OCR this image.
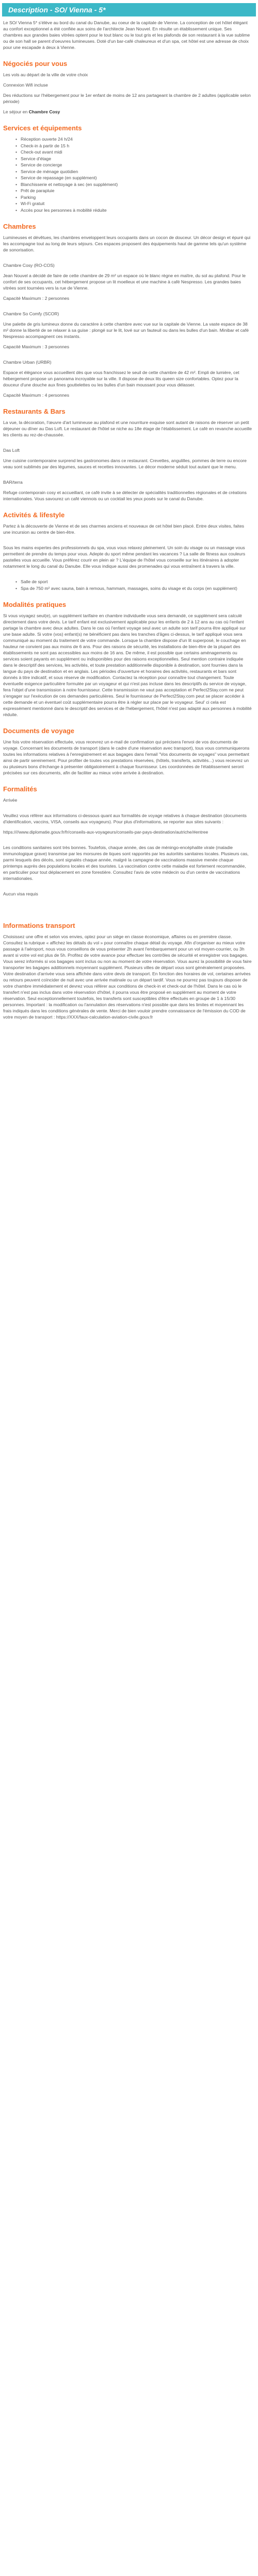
Description - SO/ Vienna - 5*

Le SO/ Vienna 5* s'élève au bord du canal du Danube, au coeur de la capitale de Vienne. La conception de cet hôtel élégant au confort exceptionnel a été confiée aux soins de l'architecte Jean Nouvel. En résulte un établissement unique. Ses chambres aux grandes baies vitrées optent pour le tout blanc ou le tout gris et les plafonds de son restaurant à la vue sublime ou de son hall se parent d'oeuvres lumineuses. Doté d'un bar-café chaleureux et d'un spa, cet hôtel est une adresse de choix pour une escapade à deux à Vienne.

Négociés pour vous

Les vols au départ de la ville de votre choix

Connexion Wifi incluse

Des réductions sur l'hébergement pour le 1er enfant de moins de 12 ans partageant la chambre de 2 adultes (applicable selon période)

Le séjour en Chambre Cosy

Services et équipements
• Réception ouverte 24 h/24
• Check-in à partir de 15 h
• Check-out avant midi
• Service d'étage
• Service de concierge
• Service de ménage quotidien
• Service de repassage (en supplément)
• Blanchisserie et nettoyage à sec (en supplément)
• Prêt de parapluie
• Parking
• Wi-Fi gratuit
• Accès pour les personnes à mobilité réduite
Chambres

Lumineuses et dévêtues, les chambres enveloppent leurs occupants dans un cocon de douceur. Un décor design et épuré qui les accompagne tout au long de leurs séjours. Ces espaces proposent des équipements haut de gamme tels qu'un système de sonorisation.

Chambre Cosy (RO-COS)

Jean Nouvel a décidé de faire de cette chambre de 29 m² un espace où le blanc règne en maître, du sol au plafond. Pour le confort de ses occupants, cet hébergement propose un lit moelleux et une machine à café Nespresso. Les grandes baies vitrées sont tournées vers la rue de Vienne.

Capacité Maximum : 2 personnes

Chambre So Comfy (SCOR)

Une palette de gris lumineux donne du caractère à cette chambre avec vue sur la capitale de Vienne. La vaste espace de 38 m² donne la liberté de se relaxer à sa guise : plongé sur le lit, lové sur un fauteuil ou dans les bulles d'un bain. Minibar et café Nespresso accompagnent ces instants.

Capacité Maximum : 3 personnes

Chambre Urban (URBR)

Espace et élégance vous accueillent dès que vous franchissez le seuil de cette chambre de 42 m². Empli de lumière, cet hébergement propose un panorama incroyable sur la ville. Il dispose de deux lits queen size confortables. Optez pour la douceur d'une douche aux fines gouttelettes ou les bulles d'un bain moussant pour vous délasser.

Capacité Maximum : 4 personnes

Restaurants & Bars

La vue, la décoration, l'œuvre d'art lumineuse au plafond et une nourriture exquise sont autant de raisons de réserver un petit déjeuner ou dîner au Das Loft. Le restaurant de l'hôtel se niche au 18e étage de l'établissement. Le café en revanche accueille les clients au rez-de-chaussée.

Das Loft

Une cuisine contemporaine surprend les gastronomes dans ce restaurant. Crevettes, angulilles, pommes de terre ou encore veau sont sublimés par des légumes, sauces et recettes innovantes. Le décor moderne séduit tout autant que le menu.

BAR/terra

Refuge contemporain cosy et accueillant, ce café invite à se délecter de spécialités traditionnelles régionales et de créations internationales. Vous savourez un café viennois ou un cocktail les yeux posés sur le canal du Danube.

Activités & lifestyle

Partez à la découverte de Vienne et de ses charmes anciens et nouveaux de cet hôtel bien placé. Entre deux visites, faites une incursion au centre de bien-être.

Sous les mains expertes des professionnels du spa, vous vous relaxez pleinement. Un soin du visage ou un massage vous permettent de prendre du temps pour vous. Adepte du sport même pendant les vacances ? La salle de fitness aux couleurs pastelles vous accueille. Vous préférez courir en plein air ? L'équipe de l'hôtel vous conseille sur les itinéraires à adopter notamment le long du canal du Danube. Elle vous indique aussi des promenades qui vous entraînent à travers la ville.

• Salle de sport
• Spa de 750 m² avec sauna, bain à remous, hammam, massages, soins du visage et du corps (en supplément)
Modalités pratiques

Si vous voyagez seul(e), un supplément tarifaire en chambre individuelle vous sera demandé, ce supplément sera calculé directement dans votre devis. Le tarif enfant est exclusivement applicable pour les enfants de 2 à 12 ans au cas où l'enfant partage la chambre avec deux adultes. Dans le cas où l'enfant voyage seul avec un adulte son tarif pourra être appliqué sur une base adulte. Si votre (vos) enfant(s) ne bénéficient pas dans les tranches d'âges ci-dessus, le tarif appliqué vous sera communiqué au moment du traitement de votre commande. Lorsque la chambre dispose d'un lit superposé, le couchage en hauteur ne convient pas aux moins de 6 ans. Pour des raisons de sécurité, les installations de bien-être de la plupart des établissements ne sont pas accessibles aux moins de 16 ans. De même, il est possible que certains aménagements ou services soient payants en supplément ou indisponibles pour des raisons exceptionnelles. Seul mention contraire indiquée dans le descriptif des services, les activités, et toute prestation additionnelle disponible à destination, sont fournies dans la langue du pays de destination et en anglais. Les périodes d'ouverture et horaires des activités, restaurants et bars sont donnés à titre indicatif, et sous réserve de modification. Contactez la réception pour connaître tout changement. Toute éventuelle exigence particulière formulée par un voyageur et qui n'est pas incluse dans les descriptifs du service de voyage, fera l'objet d'une transmission à notre fournisseur. Cette transmission ne vaut pas acceptation et Perfect2Stay.com ne peut s'engager sur l'exécution de ces demandes particulières. Seul le fournisseur de Perfect2Stay.com peut se placer accéder à cette demande et un éventuel coût supplémentaire pourra être à régler sur place par le voyageur. Seul' ci cela est expressément mentionné dans le descriptif des services et de l'hébergement, l'hôtel n'est pas adapté aux personnes à mobilité réduite.

Documents de voyage

Une fois votre réservation effectuée, vous recevrez un e-mail de confirmation qui précisera l'envoi de vos documents de voyage. Concernant les documents de transport (dans le cadre d'une réservation avec transport), tous vous communiquerons toutes les informations relatives à l'enregistrement et aux bagages dans l'email "Vos documents de voyages" vous permettant ainsi de partir sereinement. Pour profiter de toutes vos prestations réservées, (hôtels, transferts, activités...) vous recevrez un ou plusieurs bons d'échange à présenter obligatoirement à chaque fournisseur. Les coordonnées de l'établissement seront précisées sur ces documents, afin de faciliter au mieux votre arrivée à destination.

Formalités

Arrivée

Veuillez vous référer aux informations ci-dessous quant aux formalités de voyage relatives à chaque destination (documents d'identification, vaccins, VISA, conseils aux voyageurs). Pour plus d'informations, se reporter aux sites suivants :

https:////www.diplomatie.gouv.fr/fr/conseils-aux-voyageurs/conseils-par-pays-destination/autriche/#entree

Les conditions sanitaires sont très bonnes. Toutefois, chaque année, des cas de méningo-encéphalite virale (maladie immunologique grave) transmise par les morsures de tiques sont rapportés par les autorités sanitaires locales. Plusieurs cas, parmi lesquels des décès, sont signalés chaque année, malgré la campagne de vaccinations massive menée chaque printemps auprès des populations locales et des touristes. La vaccination contre cette maladie est fortement recommandée, en particulier pour tout déplacement en zone forestière. Consultez l'avis de votre médecin ou d'un centre de vaccinations internationales.

Aucun visa requis

Informations transport

Choisissez une offre et selon vos envies, optez pour un siège en classe économique, affaires ou en première classe. Consultez la rubrique « affichez les détails du vol » pour connaître chaque détail du voyage. Afin d'organiser au mieux votre passage à l'aéroport, nous vous conseillons de vous présenter 2h avant l'embarquement pour un vol moyen-courrier, ou 3h avant si votre vol est plus de 5h. Profitez de votre avance pour effectuer les contrôles de sécurité et enregistrer vos bagages. Vous serez informés si vos bagages sont inclus ou non au moment de votre réservation. Vous aurez la possibilité de vous faire transporter les bagages additionnels moyennant supplément. Plusieurs villes de départ vous sont généralement proposées. Votre destination d'arrivée vous sera affichée dans votre devis de transport. En fonction des horaires de vol, certaines arrivées ou retours peuvent coïncider de nuit avec une arrivée matinale ou un départ tardif. Vous ne pourrez pas toujours disposer de votre chambre immédiatement et devrez vous référer aux conditions de check-in et check-out de l'hôtel. Dans le cas où le transfert n'est pas inclus dans votre réservation d'hôtel, il pourra vous être proposé en supplément au moment de votre réservation. Seul exceptionnellement toutefois, les transferts sont susceptibles d'être effectués en groupe de 1 à 15/30 personnes. Important : la modification ou l'annulation des réservations n'est possible que dans les limites et moyennant les frais indiqués dans les conditions générales de vente. Merci de bien vouloir prendre connaissance de l'émission du COD de votre moyen de transport : https://XXX/faux-calculation-aviation-civile.gouv.fr
